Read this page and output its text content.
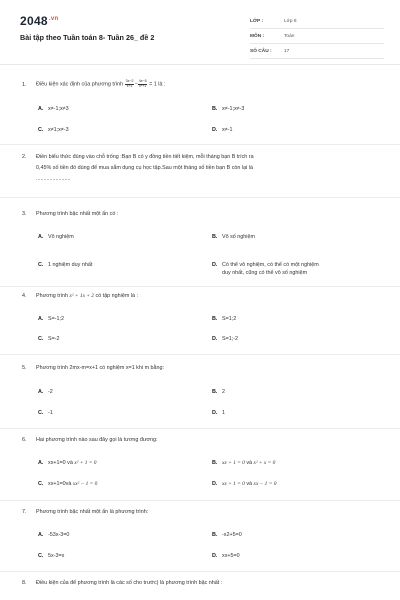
$2048^{.vn}$
Bài tập theo Tuần toán 8- Tuần 26_ đề 2
LỚP :	Lớp 8
MÔN :	Toán
SỐ CÂU :	17
1. Điều kiện xác định của phương trình $\frac{3x-2}{x+1} - \frac{4x-5}{\text{x²+1}} = 1$ là :
A. x≠-1;x≠3	B. x≠-1;x≠-3
C. x≠1;x≠-3	D. x≠-1
2. Điền biểu thức đúng vào chỗ trống :Bạn B có y đồng tiền tiết kiệm, mỗi tháng bạn B trích ra
0,45% số tiền đó dùng để mua sắm dụng cụ học tập.Sau một tháng số tiền bạn B còn lại là
.......................
3. Phương trình bậc nhất một ẩn có :
A. Vô nghiệm	B. Vô số nghiệm
C. 1 nghiệm duy nhất	D. Có thể vô nghiệm, có thể có một nghiệm
duy nhất, cũng có thể vô số nghiệm
4. Phương trình x² + 1x + 2 có tập nghiệm là :
A. S=-1;2	B. S=1;2
C. S=-2	D. S=1;-2
5. Phương trình 2mx-m=x+1 có nghiệm x=1 khi m bằng:
A. -2	B. 2
C. -1	D. 1
6. Hai phương trình nào sau đây gọi là tương đương:
A. xx+1=0 và x² + 1 = 0	B. xx + 1 = 0 và x² + x = 0
C. xx+1=0và xx² − 1 = 0	D. xx + 1 = 0 và xx − 1 = 0
7. Phương trình bậc nhất một ẩn là phương trình:
A. -53x-3=0	B. -x2+5=0
C. 5x-3=x	D. xx+5=0
8. Điều kiện của để phương trình là các số cho trước) là phương trình bậc nhất :
